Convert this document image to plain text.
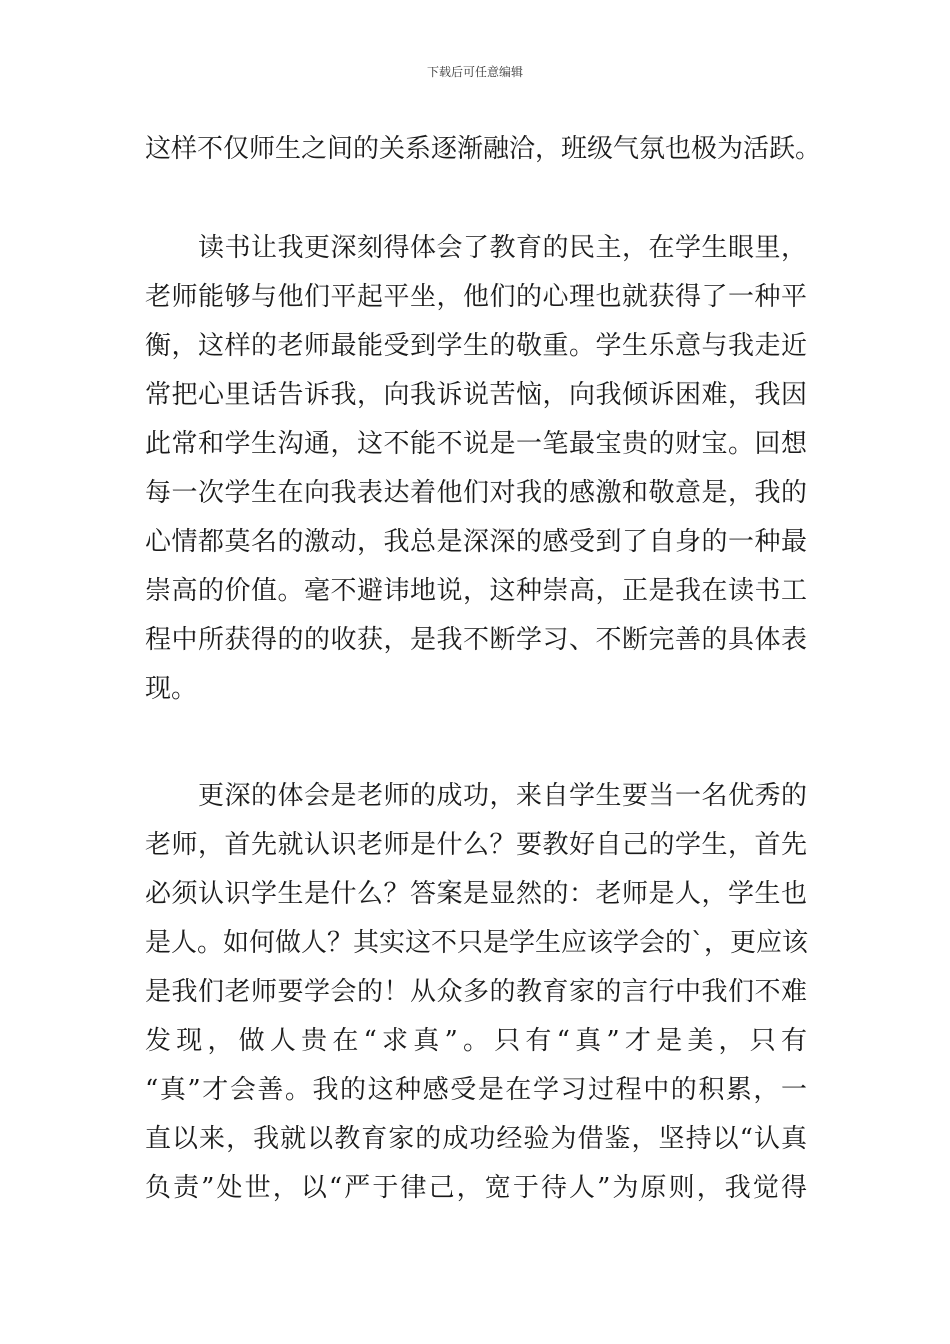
下载后可任意编辑
这样不仅师生之间的关系逐渐融洽，班级气氛也极为活跃。
读书让我更深刻得体会了教育的民主，在学生眼里，
老师能够与他们平起平坐，他们的心理也就获得了一种平
衡，这样的老师最能受到学生的敬重。学生乐意与我走近
常把心里话告诉我，向我诉说苦恼，向我倾诉困难，我因
此常和学生沟通，这不能不说是一笔最宝贵的财宝。回想
每一次学生在向我表达着他们对我的感激和敬意是，我的
心情都莫名的激动，我总是深深的感受到了自身的一种最
崇高的价值。毫不避讳地说，这种崇高，正是我在读书工
程中所获得的的收获，是我不断学习、不断完善的具体表
现。
更深的体会是老师的成功，来自学生要当一名优秀的
老师，首先就认识老师是什么？要教好自己的学生，首先
必须认识学生是什么？答案是显然的：老师是人，学生也
是人。如何做人？其实这不只是学生应该学会的`，更应该
是我们老师要学会的！从众多的教育家的言行中我们不难
发现，做人贵在“求真”。只有“真”才是美，只有
“真”才会善。我的这种感受是在学习过程中的积累，一
直以来，我就以教育家的成功经验为借鉴，坚持以“认真
负责”处世，以“严于律己，宽于待人”为原则，我觉得
